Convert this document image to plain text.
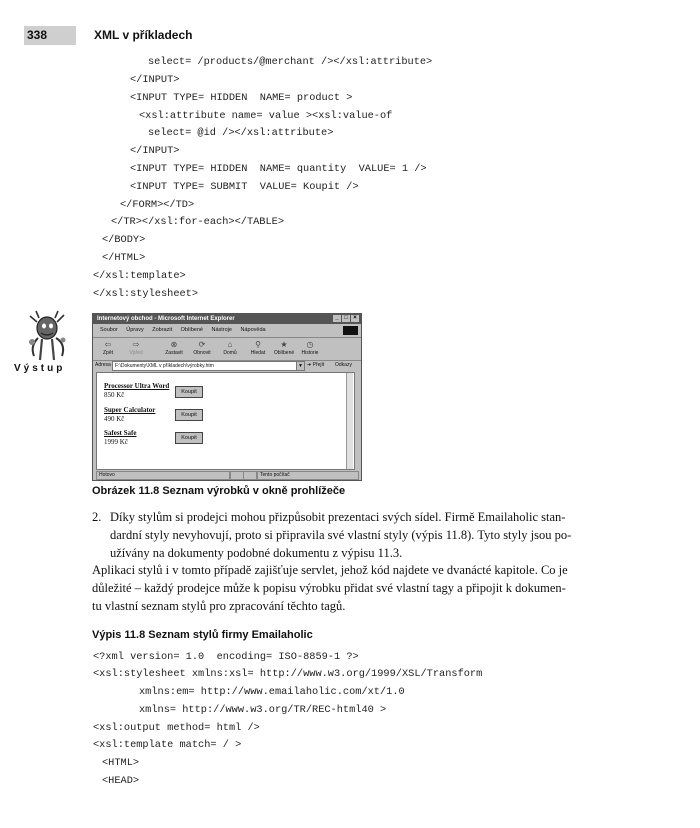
338	XML v příkladech
select= /products/@merchant /></xsl:attribute>
</INPUT>
<INPUT TYPE= HIDDEN  NAME= product >
<xsl:attribute name= value ><xsl:value-of
select= @id /></xsl:attribute>
</INPUT>
<INPUT TYPE= HIDDEN  NAME= quantity  VALUE= 1 />
<INPUT TYPE= SUBMIT  VALUE= Koupit />
</FORM></TD>
</TR></xsl:for-each></TABLE>
</BODY>
</HTML>
</xsl:template>
</xsl:stylesheet>
Výstup
Internetový obchod - Microsoft Internet Explorer	_ □ ×
Soubor Úpravy Zobrazit Oblíbené Nástroje Nápověda
⇦
Zpět
⇨
Vpřed
⊗
Zastavit
⟳
Obnovit
⌂
Domů
⚲
Hledat
★
Oblíbené
◷
Historie
Adresa F:\Dokumenty\XML v příkladech\výrobky.htm	▼ ➜ Přejít Odkazy
Processor Ultra Word
850 Kč	Koupit
Super Calculator
490 Kč	Koupit
Safest Safe
1999 Kč	Koupit
Hotovo	Tento počítač
Obrázek 11.8 Seznam výrobků v okně prohlížeče
2. Díky stylům si prodejci mohou přizpůsobit prezentaci svých sídel. Firmě Emailaholic stan-
dardní styly nevyhovují, proto si připravila své vlastní styly (výpis 11.8). Tyto styly jsou po-
užívány na dokumenty podobné dokumentu z výpisu 11.3.
Aplikaci stylů i v tomto případě zajišťuje servlet, jehož kód najdete ve dvanácté kapitole. Co je
důležité – každý prodejce může k popisu výrobku přidat své vlastní tagy a připojit k dokumen-
tu vlastní seznam stylů pro zpracování těchto tagů.
Výpis 11.8 Seznam stylů firmy Emailaholic
<?xml version= 1.0  encoding= ISO-8859-1 ?>
<xsl:stylesheet xmlns:xsl= http://www.w3.org/1999/XSL/Transform
xmlns:em= http://www.emailaholic.com/xt/1.0
xmlns= http://www.w3.org/TR/REC-html40 >
<xsl:output method= html />
<xsl:template match= / >
<HTML>
<HEAD>
